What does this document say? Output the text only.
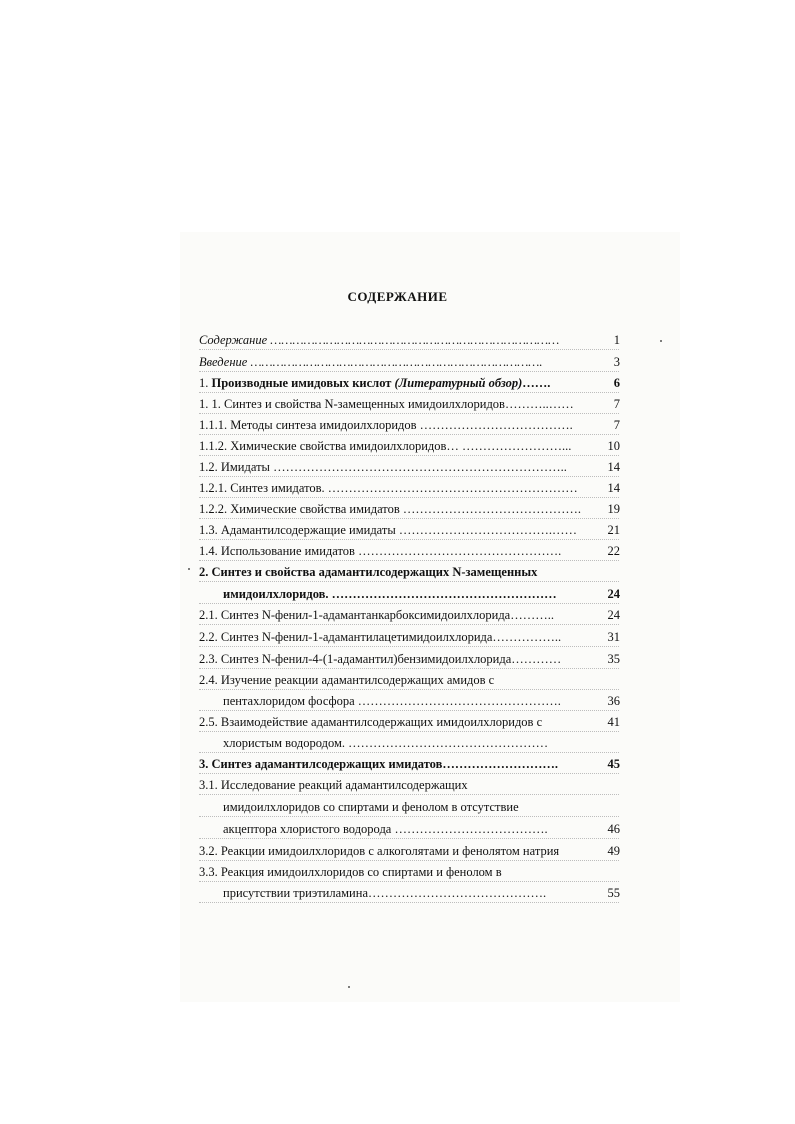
СОДЕРЖАНИЕ
Содержание ……………………………………………………………………	1
Введение …………………………………………………………………….	3
1. Производные имидовых кислот (Литературный обзор)…….	6
1. 1. Синтез и свойства N-замещенных имидоилхлоридов………..……	7
1.1.1. Методы синтеза имидоилхлоридов ……………………………….	7
1.1.2. Химические свойства имидоилхлоридов… ……………………...	10
1.2. Имидаты ……………………………………………………………..	14
1.2.1. Синтез имидатов. ……………………………………………………	14
1.2.2. Химические свойства имидатов …………………………………….	19
1.3. Адамантилсодержащие имидаты ……………………………….……	21
1.4. Использование имидатов ………………………………………….	22
2. Синтез и свойства адамантилсодержащих N-замещенных
имидоилхлоридов. ………………………………………………	24
2.1. Синтез N-фенил-1-адамантанкарбоксимидоилхлорида………..	24
2.2. Синтез N-фенил-1-адамантилацетимидоилхлорида……………..	31
2.3. Синтез N-фенил-4-(1-адамантил)бензимидоилхлорида…………	35
2.4. Изучение реакции адамантилсодержащих амидов с
пентахлоридом фосфора ………………………………………….	36
2.5. Взаимодействие адамантилсодержащих имидоилхлоридов с	41
хлористым водородом. …………………………………………
3. Синтез адамантилсодержащих имидатов……………………….	45
3.1. Исследование реакций адамантилсодержащих
имидоилхлоридов со спиртами и фенолом в отсутствие
акцептора хлористого водорода ……………………………….	46
3.2. Реакции имидоилхлоридов с алкоголятами и фенолятом натрия	49
3.3. Реакция имидоилхлоридов со спиртами и фенолом в
присутствии триэтиламина…………………………………….	55
